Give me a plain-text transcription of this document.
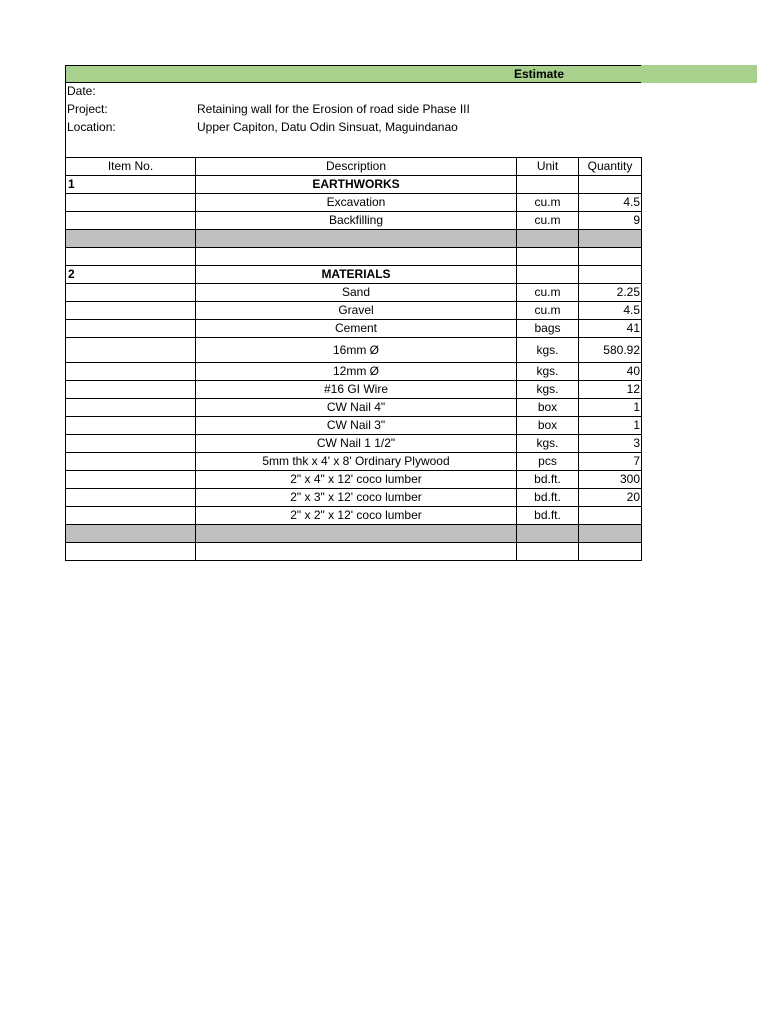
Estimate
Date:
Project:	Retaining wall for the Erosion of road side Phase III
Location:	Upper Capiton, Datu Odin Sinsuat, Maguindanao
Item No.	Description	Unit	Quantity
1	EARTHWORKS		
	Excavation	cu.m	4.5
	Backfilling	cu.m	9

2	MATERIALS		
	Sand	cu.m	2.25
	Gravel	cu.m	4.5
	Cement	bags	41
	16mm Ø	kgs.	580.92
	12mm Ø	kgs.	40
	#16 GI Wire	kgs.	12
	CW Nail 4"	box	1
	CW Nail 3"	box	1
	CW Nail 1 1/2"	kgs.	3
	5mm thk x 4' x 8' Ordinary Plywood	pcs	7
	2" x 4" x 12' coco lumber	bd.ft.	300
	2" x 3" x 12' coco lumber	bd.ft.	20
	2" x 2" x 12' coco lumber	bd.ft.	
